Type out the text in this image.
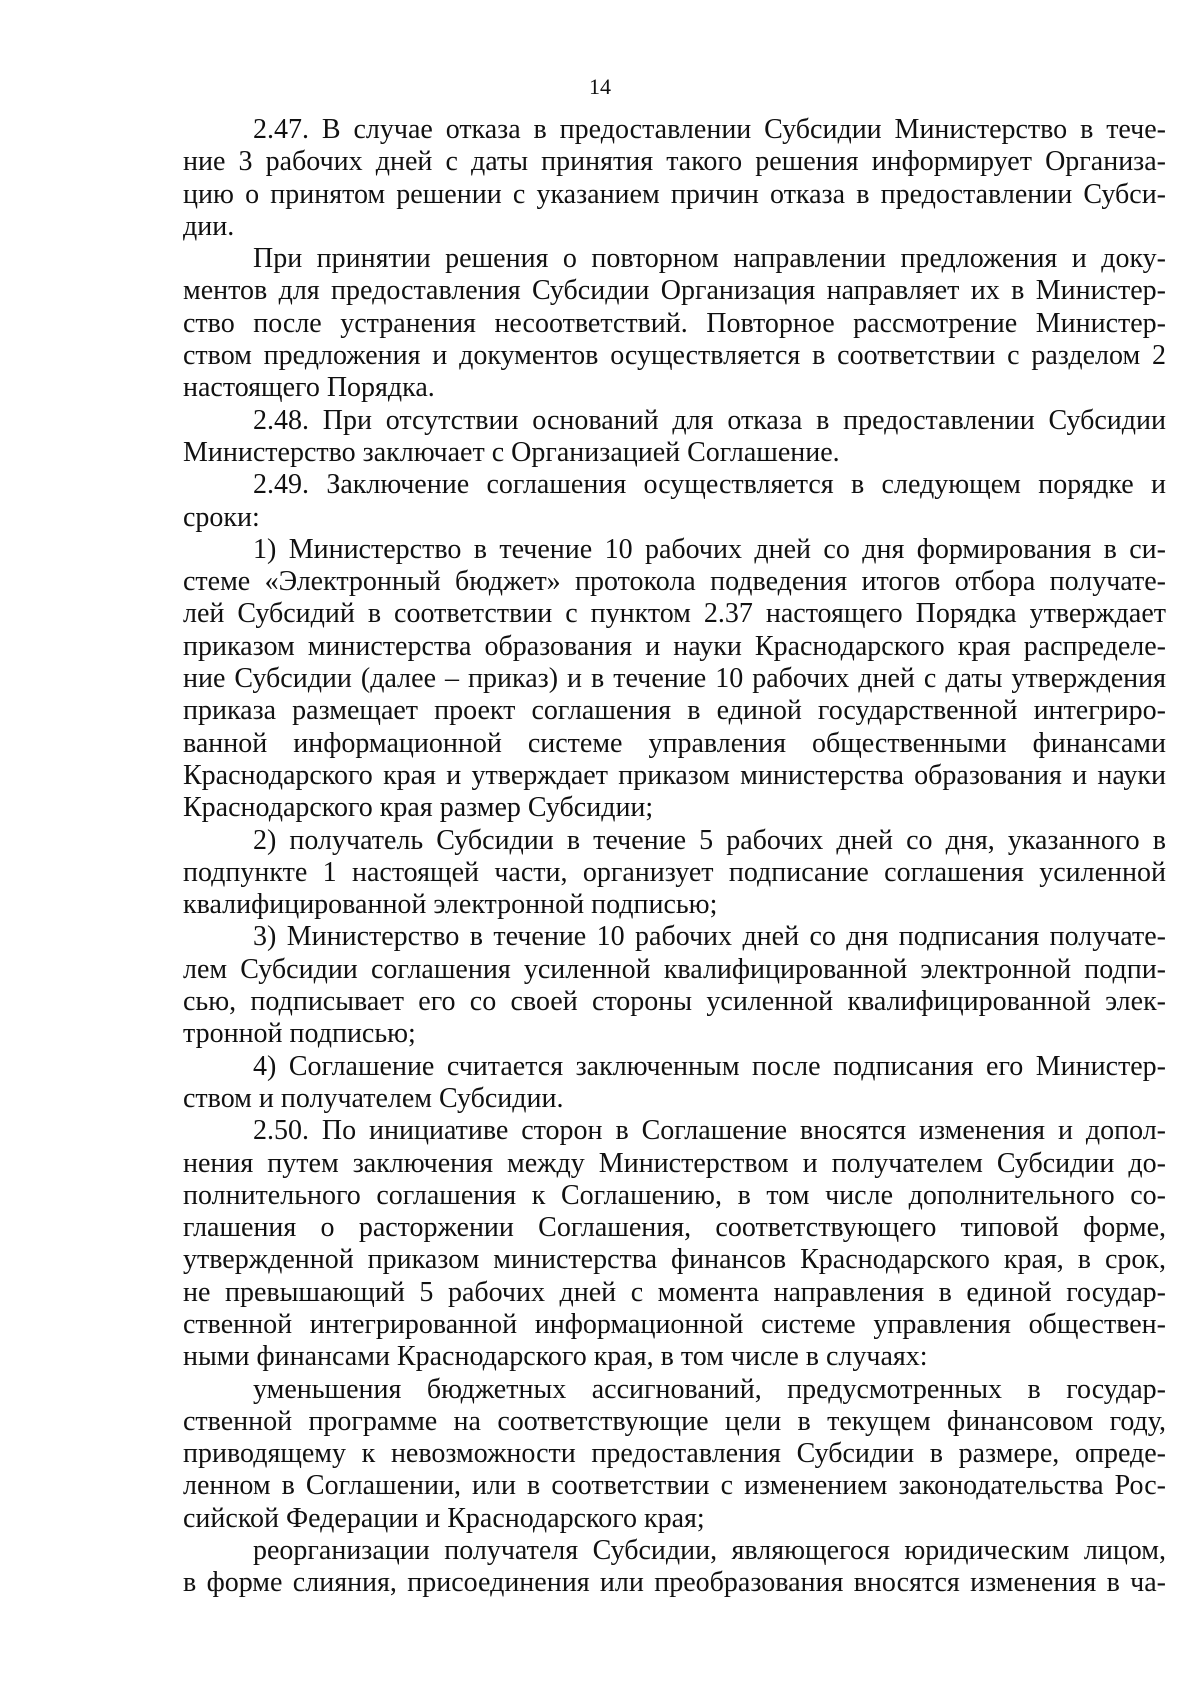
14
2.47. В случае отказа в предоставлении Субсидии Министерство в тече-
ние 3 рабочих дней с даты принятия такого решения информирует Организа-
цию о принятом решении с указанием причин отказа в предоставлении Субси-
дии.
При принятии решения о повторном направлении предложения и доку-
ментов для предоставления Субсидии Организация направляет их в Министер-
ство после устранения несоответствий. Повторное рассмотрение Министер-
ством предложения и документов осуществляется в соответствии с разделом 2
настоящего Порядка.
2.48. При отсутствии оснований для отказа в предоставлении Субсидии
Министерство заключает с Организацией Соглашение.
2.49. Заключение соглашения осуществляется в следующем порядке и
сроки:
1) Министерство в течение 10 рабочих дней со дня формирования в си-
стеме «Электронный бюджет» протокола подведения итогов отбора получате-
лей Субсидий в соответствии с пунктом 2.37 настоящего Порядка утверждает
приказом министерства образования и науки Краснодарского края распределе-
ние Субсидии (далее – приказ) и в течение 10 рабочих дней с даты утверждения
приказа размещает проект соглашения в единой государственной интегриро-
ванной информационной системе управления общественными финансами
Краснодарского края и утверждает приказом министерства образования и науки
Краснодарского края размер Субсидии;
2) получатель Субсидии в течение 5 рабочих дней со дня, указанного в
подпункте 1 настоящей части, организует подписание соглашения усиленной
квалифицированной электронной подписью;
3) Министерство в течение 10 рабочих дней со дня подписания получате-
лем Субсидии соглашения усиленной квалифицированной электронной подпи-
сью, подписывает его со своей стороны усиленной квалифицированной элек-
тронной подписью;
4) Соглашение считается заключенным после подписания его Министер-
ством и получателем Субсидии.
2.50. По инициативе сторон в Соглашение вносятся изменения и допол-
нения путем заключения между Министерством и получателем Субсидии до-
полнительного соглашения к Соглашению, в том числе дополнительного со-
глашения о расторжении Соглашения, соответствующего типовой форме,
утвержденной приказом министерства финансов Краснодарского края, в срок,
не превышающий 5 рабочих дней с момента направления в единой государ-
ственной интегрированной информационной системе управления обществен-
ными финансами Краснодарского края, в том числе в случаях:
уменьшения бюджетных ассигнований, предусмотренных в государ-
ственной программе на соответствующие цели в текущем финансовом году,
приводящему к невозможности предоставления Субсидии в размере, опреде-
ленном в Соглашении, или в соответствии с изменением законодательства Рос-
сийской Федерации и Краснодарского края;
реорганизации получателя Субсидии, являющегося юридическим лицом,
в форме слияния, присоединения или преобразования вносятся изменения в ча-
